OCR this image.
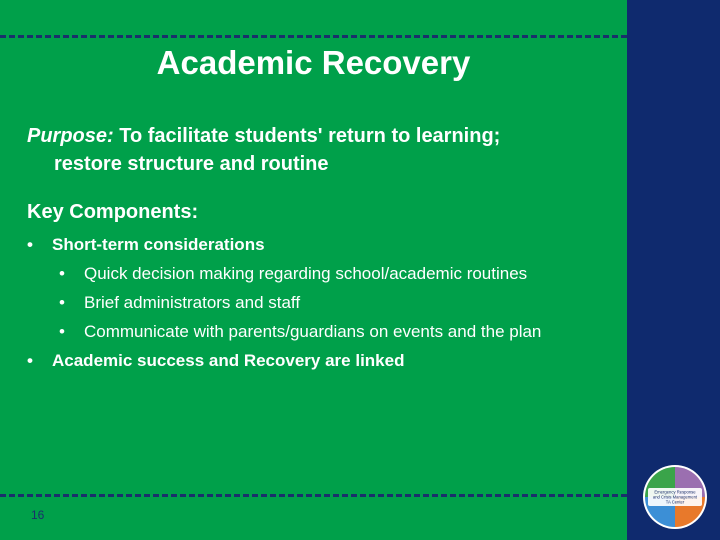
Academic Recovery
Purpose: To facilitate students' return to learning;
restore structure and routine
Key Components:
• Short-term considerations
• Quick decision making regarding school/academic routines
• Brief administrators and staff
• Communicate with parents/guardians on events and the plan
• Academic success and Recovery are linked
16
Emergency Response
and Crisis Management
TA Center
